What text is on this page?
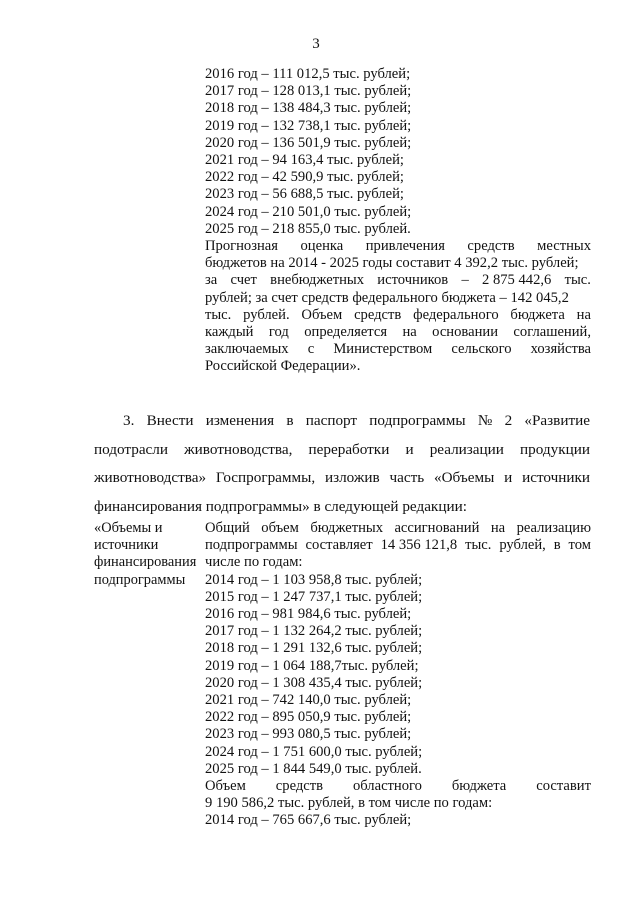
3
2016 год – 111 012,5 тыс. рублей;
2017 год – 128 013,1 тыс. рублей;
2018 год – 138 484,3 тыс. рублей;
2019 год – 132 738,1 тыс. рублей;
2020 год – 136 501,9 тыс. рублей;
2021 год – 94 163,4 тыс. рублей;
2022 год – 42 590,9 тыс. рублей;
2023 год – 56 688,5 тыс. рублей;
2024 год – 210 501,0 тыс. рублей;
2025 год – 218 855,0 тыс. рублей.
Прогнозная оценка привлечения средств местных
бюджетов на 2014 - 2025 годы составит 4 392,2 тыс. рублей;
за счет внебюджетных источников – 2 875 442,6 тыс.
рублей; за счет средств федерального бюджета – 142 045,2
тыс. рублей. Объем средств федерального бюджета на
каждый год определяется на основании соглашений,
заключаемых с Министерством сельского хозяйства
Российской Федерации».
3. Внести изменения в паспорт подпрограммы № 2 «Развитие
подотрасли животноводства, переработки и реализации продукции
животноводства» Госпрограммы, изложив часть «Объемы и источники
финансирования подпрограммы» в следующей редакции:
«Объемы и
источники
финансирования
подпрограммы
Общий объем бюджетных ассигнований на реализацию
подпрограммы составляет 14 356 121,8 тыс. рублей, в том
числе по годам:
2014 год – 1 103 958,8 тыс. рублей;
2015 год – 1 247 737,1 тыс. рублей;
2016 год – 981 984,6 тыс. рублей;
2017 год – 1 132 264,2 тыс. рублей;
2018 год – 1 291 132,6 тыс. рублей;
2019 год – 1 064 188,7тыс. рублей;
2020 год – 1 308 435,4 тыс. рублей;
2021 год – 742 140,0 тыс. рублей;
2022 год – 895 050,9 тыс. рублей;
2023 год – 993 080,5 тыс. рублей;
2024 год – 1 751 600,0 тыс. рублей;
2025 год – 1 844 549,0 тыс. рублей.
Объем средств областного бюджета составит
9 190 586,2 тыс. рублей, в том числе по годам:
2014 год – 765 667,6 тыс. рублей;
